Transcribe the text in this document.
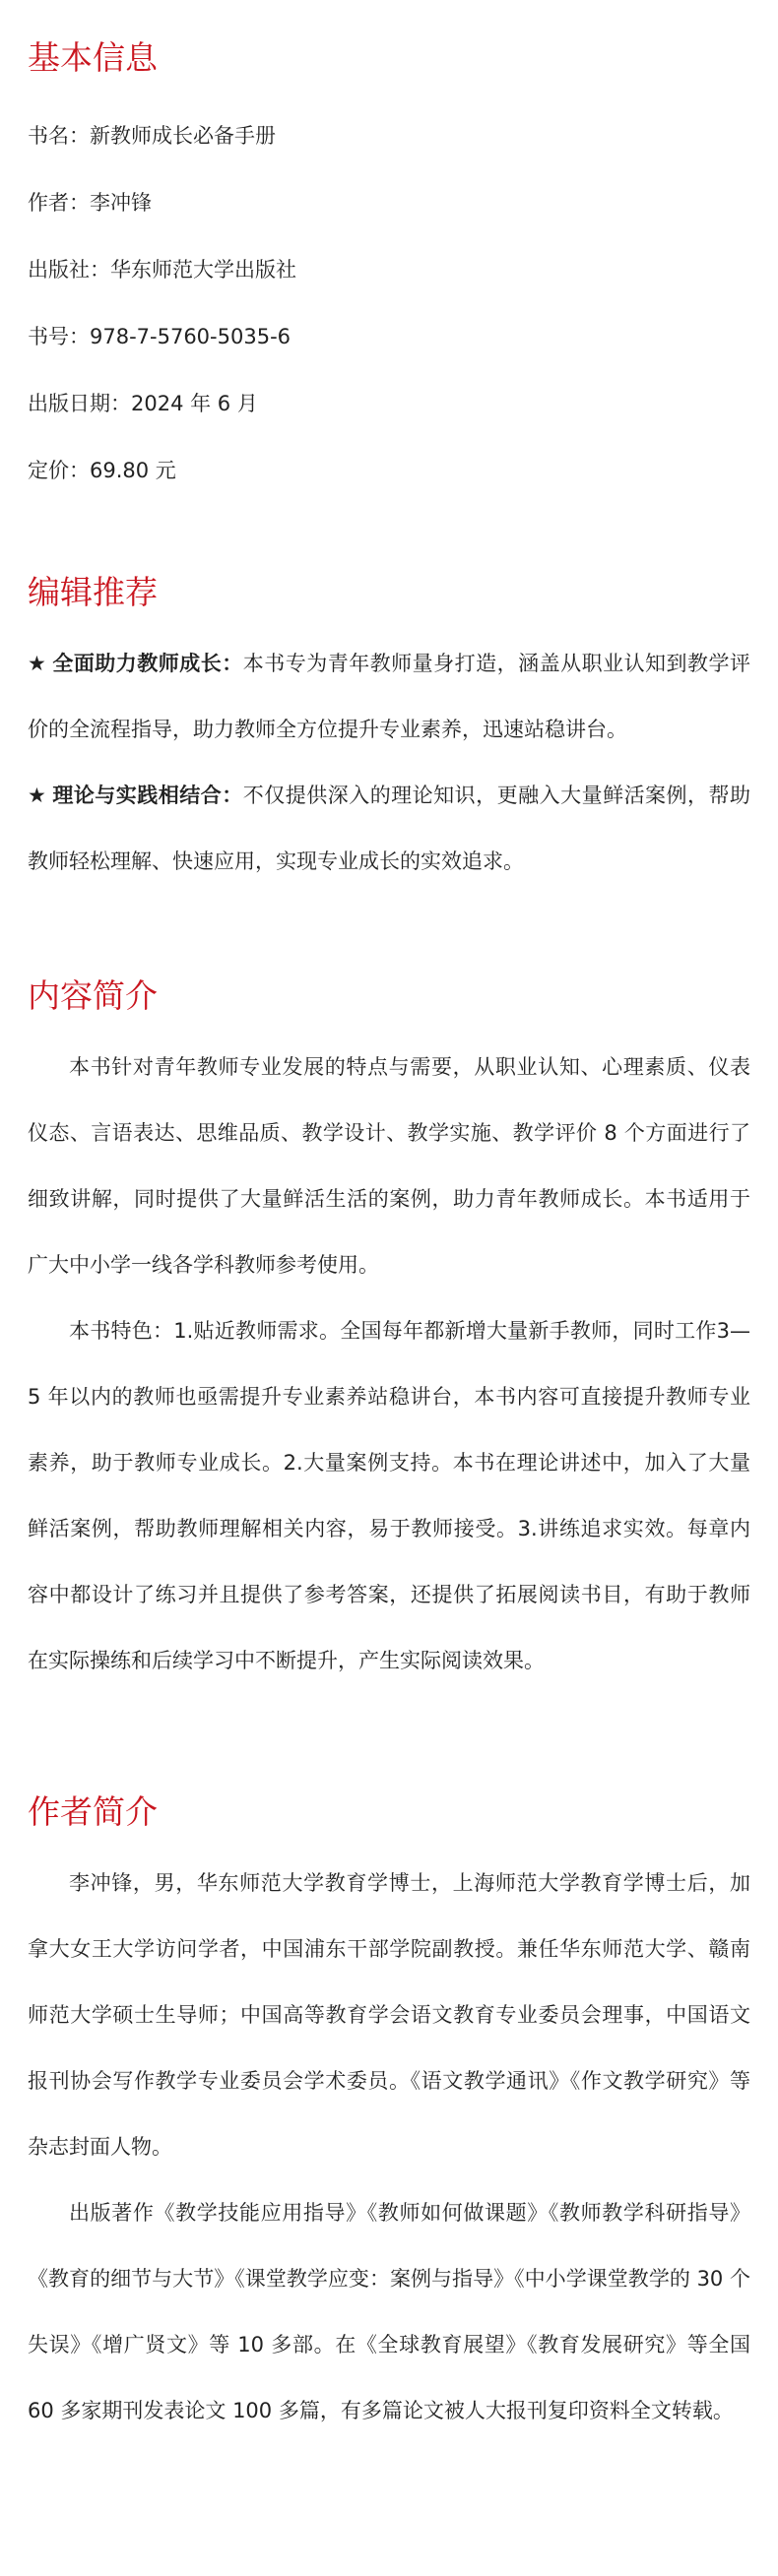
基本信息

书名：新教师成长必备手册

作者：李冲锋

出版社：华东师范大学出版社

书号：978-7-5760-5035-6

出版日期：2024 年 6 月

定价：69.80 元

编辑推荐

★ 全面助力教师成长：本书专为青年教师量身打造，涵盖从职业认知到教学评价的全流程指导，助力教师全方位提升专业素养，迅速站稳讲台。

★ 理论与实践相结合：不仅提供深入的理论知识，更融入大量鲜活案例，帮助教师轻松理解、快速应用，实现专业成长的实效追求。

内容简介

本书针对青年教师专业发展的特点与需要，从职业认知、心理素质、仪表仪态、言语表达、思维品质、教学设计、教学实施、教学评价 8 个方面进行了细致讲解，同时提供了大量鲜活生活的案例，助力青年教师成长。本书适用于广大中小学一线各学科教师参考使用。

本书特色：1.贴近教师需求。全国每年都新增大量新手教师，同时工作3—5 年以内的教师也亟需提升专业素养站稳讲台，本书内容可直接提升教师专业素养，助于教师专业成长。2.大量案例支持。本书在理论讲述中，加入了大量鲜活案例，帮助教师理解相关内容，易于教师接受。3.讲练追求实效。每章内容中都设计了练习并且提供了参考答案，还提供了拓展阅读书目，有助于教师在实际操练和后续学习中不断提升，产生实际阅读效果。

作者简介

李冲锋，男，华东师范大学教育学博士，上海师范大学教育学博士后，加拿大女王大学访问学者，中国浦东干部学院副教授。兼任华东师范大学、赣南师范大学硕士生导师；中国高等教育学会语文教育专业委员会理事，中国语文报刊协会写作教学专业委员会学术委员。《语文教学通讯》《作文教学研究》等杂志封面人物。

出版著作《教学技能应用指导》《教师如何做课题》《教师教学科研指导》《教育的细节与大节》《课堂教学应变：案例与指导》《中小学课堂教学的 30 个失误》《增广贤文》等 10 多部。在《全球教育展望》《教育发展研究》等全国 60 多家期刊发表论文 100 多篇，有多篇论文被人大报刊复印资料全文转载。
